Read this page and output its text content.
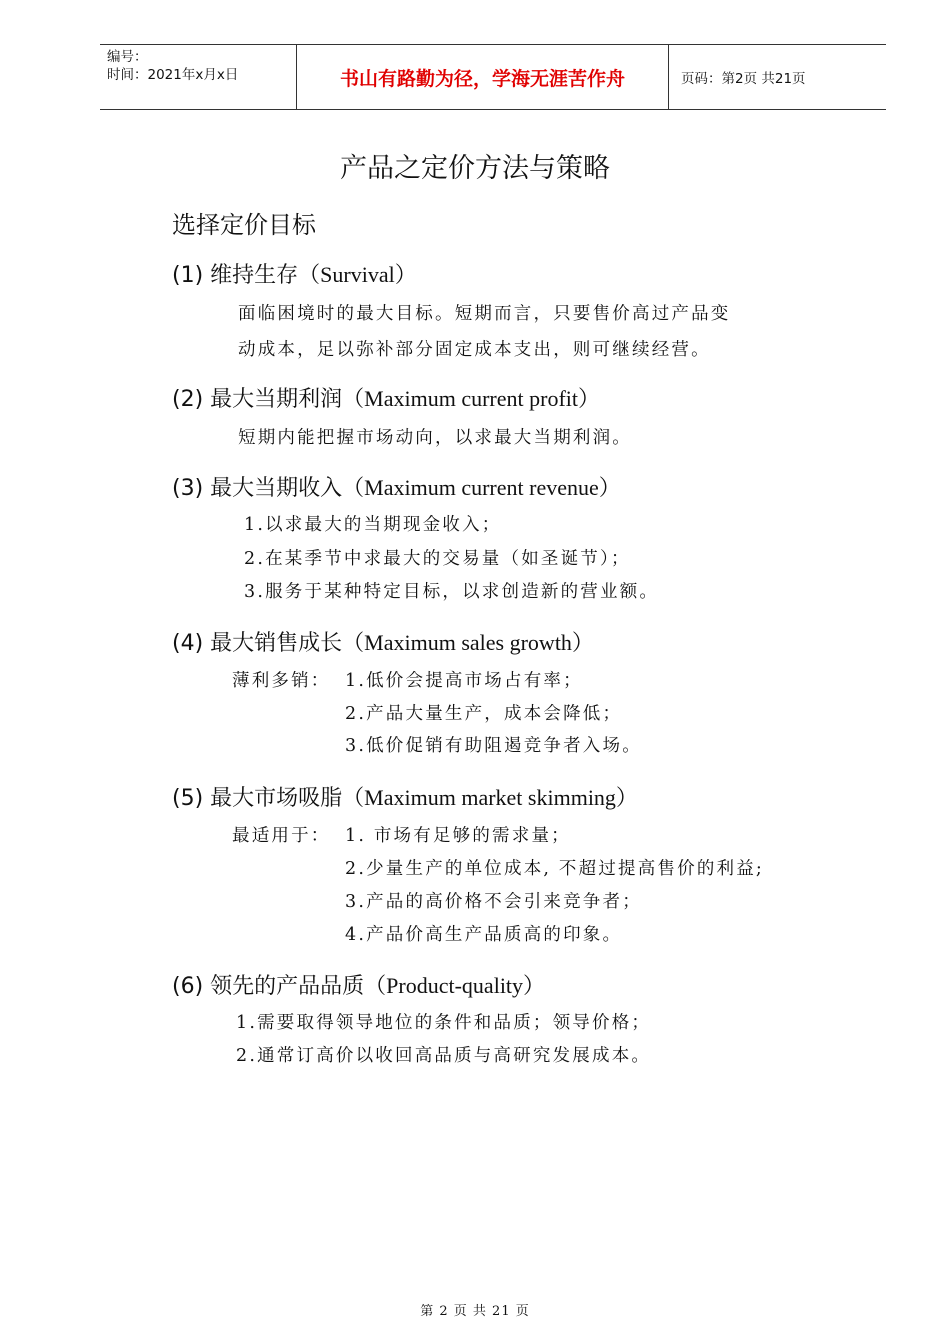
编号：
时间：2021年x月x日	书山有路勤为径，学海无涯苦作舟	页码：第2页 共21页
产品之定价方法与策略
选择定价目标
(1) 维持生存（Survival）
面临困境时的最大目标。短期而言，只要售价高过产品变
动成本，足以弥补部分固定成本支出，则可继续经营。
(2) 最大当期利润（Maximum current profit）
短期内能把握市场动向，以求最大当期利润。
(3) 最大当期收入（Maximum current revenue）
1.以求最大的当期现金收入；
2.在某季节中求最大的交易量（如圣诞节）；
3.服务于某种特定目标，以求创造新的营业额。
(4) 最大销售成长（Maximum sales growth）
薄利多销： 1.低价会提高市场占有率；
2.产品大量生产，成本会降低；
3.低价促销有助阻遏竞争者入场。
(5) 最大市场吸脂（Maximum market skimming）
最适用于： 1. 市场有足够的需求量；
2.少量生产的单位成本, 不超过提高售价的利益;
3.产品的高价格不会引来竞争者；
4.产品价高生产品质高的印象。
(6) 领先的产品品质（Product-quality）
1.需要取得领导地位的条件和品质；领导价格；
2.通常订高价以收回高品质与高研究发展成本。
第 2 页 共 21 页
